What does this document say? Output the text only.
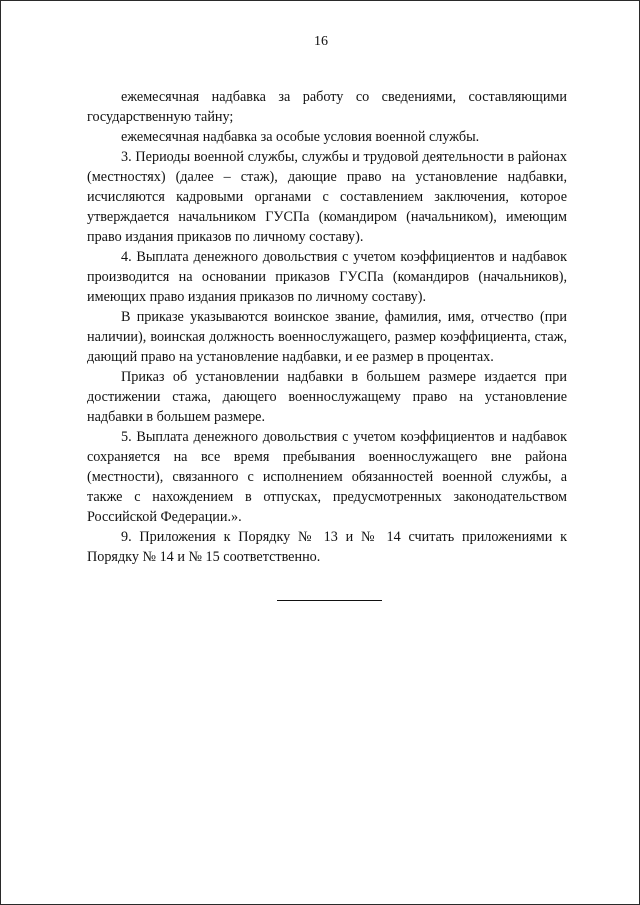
16

ежемесячная надбавка за работу со сведениями, составляющими государственную тайну;

ежемесячная надбавка за особые условия военной службы.

3. Периоды военной службы, службы и трудовой деятельности в районах (местностях) (далее – стаж), дающие право на установление надбавки, исчисляются кадровыми органами с составлением заключения, которое утверждается начальником ГУСПа (командиром (начальником), имеющим право издания приказов по личному составу).

4. Выплата денежного довольствия с учетом коэффициентов и надбавок производится на основании приказов ГУСПа (командиров (начальников), имеющих право издания приказов по личному составу).

В приказе указываются воинское звание, фамилия, имя, отчество (при наличии), воинская должность военнослужащего, размер коэффициента, стаж, дающий право на установление надбавки, и ее размер в процентах.

Приказ об установлении надбавки в большем размере издается при достижении стажа, дающего военнослужащему право на установление надбавки в большем размере.

5. Выплата денежного довольствия с учетом коэффициентов и надбавок сохраняется на все время пребывания военнослужащего вне района (местности), связанного с исполнением обязанностей военной службы, а также с нахождением в отпусках, предусмотренных законодательством Российской Федерации.».

9. Приложения к Порядку № 13 и № 14 считать приложениями к Порядку № 14 и № 15 соответственно.
